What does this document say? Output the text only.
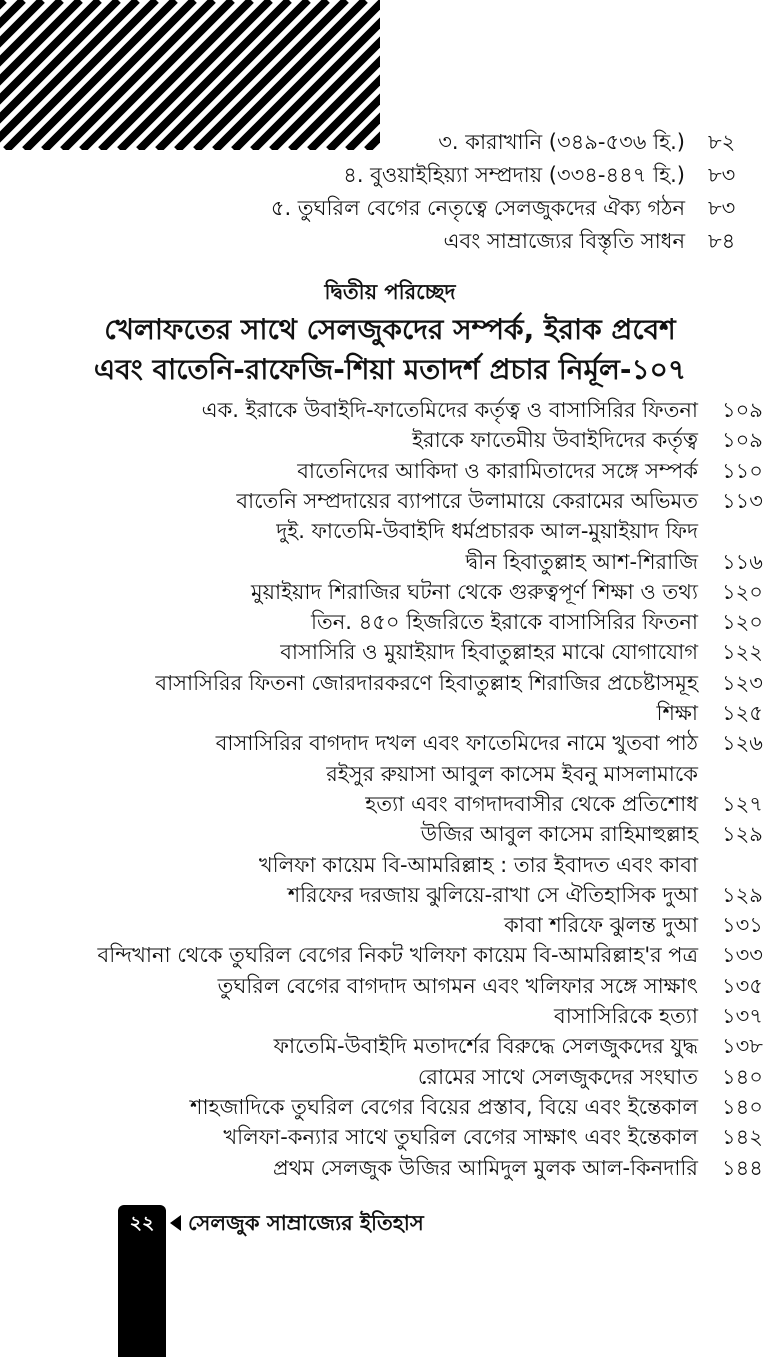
৩. কারাখানি (৩৪৯-৫৩৬ হি.) ৮২
৪. বুওয়াইহিয়্যা সম্প্রদায় (৩৩৪-৪৪৭ হি.) ৮৩
৫. তুঘরিল বেগের নেতৃত্বে সেলজুকদের ঐক্য গঠন ৮৩
এবং সাম্রাজ্যের বিস্তৃতি সাধন ৮৪
দ্বিতীয় পরিচ্ছেদ
খেলাফতের সাথে সেলজুকদের সম্পর্ক, ইরাক প্রবেশ
এবং বাতেনি-রাফেজি-শিয়া মতাদর্শ প্রচার নির্মূল-১০৭
এক. ইরাকে উবাইদি-ফাতেমিদের কর্তৃত্ব ও বাসাসিরির ফিতনা ১০৯
ইরাকে ফাতেমীয় উবাইদিদের কর্তৃত্ব ১০৯
বাতেনিদের আকিদা ও কারামিতাদের সঙ্গে সম্পর্ক ১১০
বাতেনি সম্প্রদায়ের ব্যাপারে উলামায়ে কেরামের অভিমত ১১৩
দুই. ফাতেমি-উবাইদি ধর্মপ্রচারক আল-মুয়াইয়াদ ফিদ
দ্বীন হিবাতুল্লাহ আশ-শিরাজি ১১৬
মুয়াইয়াদ শিরাজির ঘটনা থেকে গুরুত্বপূর্ণ শিক্ষা ও তথ্য ১২০
তিন. ৪৫০ হিজরিতে ইরাকে বাসাসিরির ফিতনা ১২০
বাসাসিরি ও মুয়াইয়াদ হিবাতুল্লাহর মাঝে যোগাযোগ ১২২
বাসাসিরির ফিতনা জোরদারকরণে হিবাতুল্লাহ শিরাজির প্রচেষ্টাসমূহ ১২৩
শিক্ষা ১২৫
বাসাসিরির বাগদাদ দখল এবং ফাতেমিদের নামে খুতবা পাঠ ১২৬
রইসুর রুয়াসা আবুল কাসেম ইবনু মাসলামাকে
হত্যা এবং বাগদাদবাসীর থেকে প্রতিশোধ ১২৭
উজির আবুল কাসেম রাহিমাহুল্লাহ ১২৯
খলিফা কায়েম বি-আমরিল্লাহ : তার ইবাদত এবং কাবা
শরিফের দরজায় ঝুলিয়ে-রাখা সে ঐতিহাসিক দুআ ১২৯
কাবা শরিফে ঝুলন্ত দুআ ১৩১
বন্দিখানা থেকে তুঘরিল বেগের নিকট খলিফা কায়েম বি-আমরিল্লাহ'র পত্র ১৩৩
তুঘরিল বেগের বাগদাদ আগমন এবং খলিফার সঙ্গে সাক্ষাৎ ১৩৫
বাসাসিরিকে হত্যা ১৩৭
ফাতেমি-উবাইদি মতাদর্শের বিরুদ্ধে সেলজুকদের যুদ্ধ ১৩৮
রোমের সাথে সেলজুকদের সংঘাত ১৪০
শাহজাদিকে তুঘরিল বেগের বিয়ের প্রস্তাব, বিয়ে এবং ইন্তেকাল ১৪০
খলিফা-কন্যার সাথে তুঘরিল বেগের সাক্ষাৎ এবং ইন্তেকাল ১৪২
প্রথম সেলজুক উজির আমিদুল মুলক আল-কিনদারি ১৪৪
২২	সেলজুক সাম্রাজ্যের ইতিহাস
